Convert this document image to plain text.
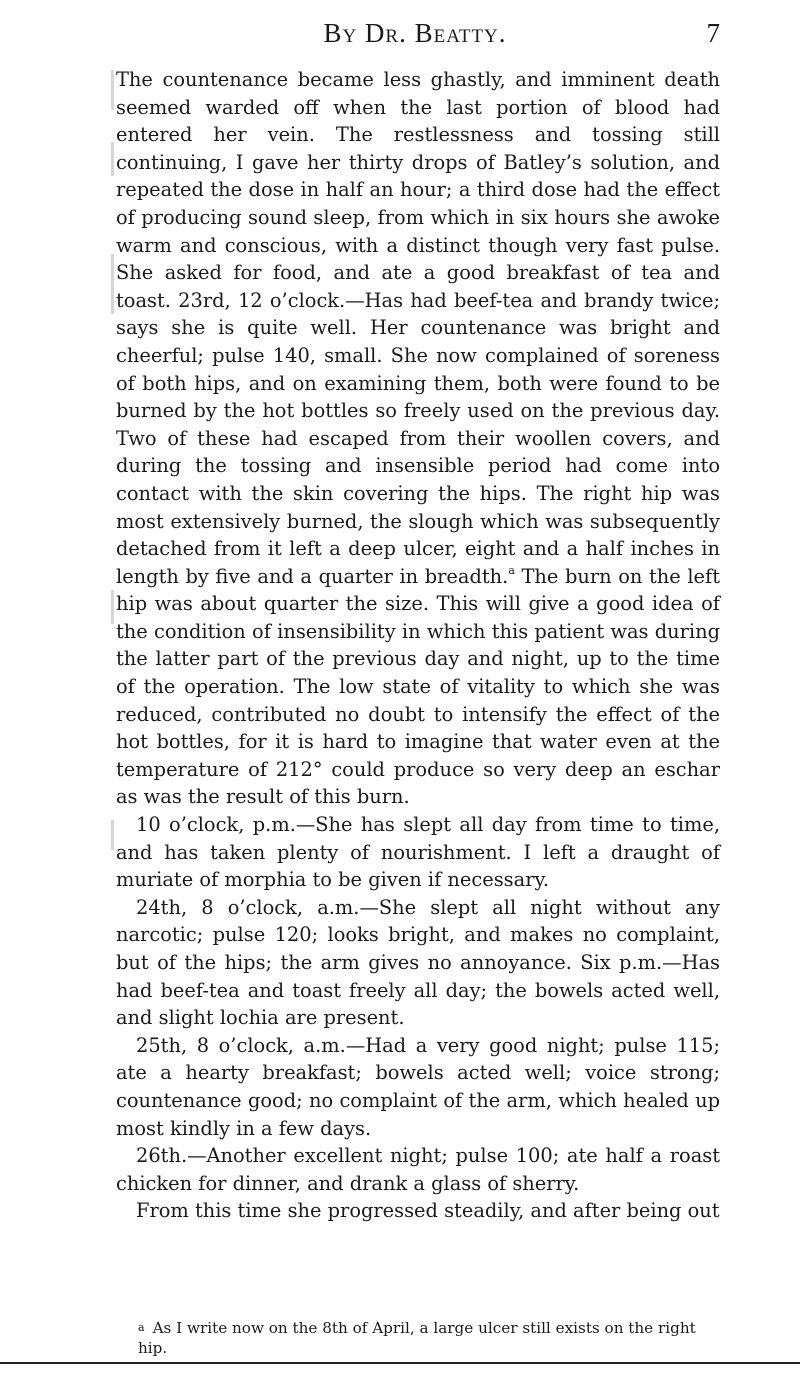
By Dr. Beatty.	7

The countenance became less ghastly, and imminent death seemed warded off when the last portion of blood had entered her vein. The restlessness and tossing still continuing, I gave her thirty drops of Batley’s solution, and repeated the dose in half an hour; a third dose had the effect of producing sound sleep, from which in six hours she awoke warm and conscious, with a distinct though very fast pulse. She asked for food, and ate a good breakfast of tea and toast. 23rd, 12 o’clock.—Has had beef-tea and brandy twice; says she is quite well. Her countenance was bright and cheerful; pulse 140, small. She now complained of soreness of both hips, and on examining them, both were found to be burned by the hot bottles so freely used on the previous day. Two of these had escaped from their woollen covers, and during the tossing and insensible period had come into contact with the skin covering the hips. The right hip was most extensively burned, the slough which was subsequently detached from it left a deep ulcer, eight and a half inches in length by five and a quarter in breadth.$^a$ The burn on the left hip was about quarter the size. This will give a good idea of the condition of insensibility in which this patient was during the latter part of the previous day and night, up to the time of the operation. The low state of vitality to which she was reduced, contributed no doubt to intensify the effect of the hot bottles, for it is hard to imagine that water even at the temperature of 212° could produce so very deep an eschar as was the result of this burn.

10 o’clock, p.m.—She has slept all day from time to time, and has taken plenty of nourishment. I left a draught of muriate of morphia to be given if necessary.

24th, 8 o’clock, a.m.—She slept all night without any narcotic; pulse 120; looks bright, and makes no complaint, but of the hips; the arm gives no annoyance. Six p.m.—Has had beef-tea and toast freely all day; the bowels acted well, and slight lochia are present.

25th, 8 o’clock, a.m.—Had a very good night; pulse 115; ate a hearty breakfast; bowels acted well; voice strong; countenance good; no complaint of the arm, which healed up most kindly in a few days.

26th.—Another excellent night; pulse 100; ate half a roast chicken for dinner, and drank a glass of sherry.

From this time she progressed steadily, and after being out

a As I write now on the 8th of April, a large ulcer still exists on the right hip.
